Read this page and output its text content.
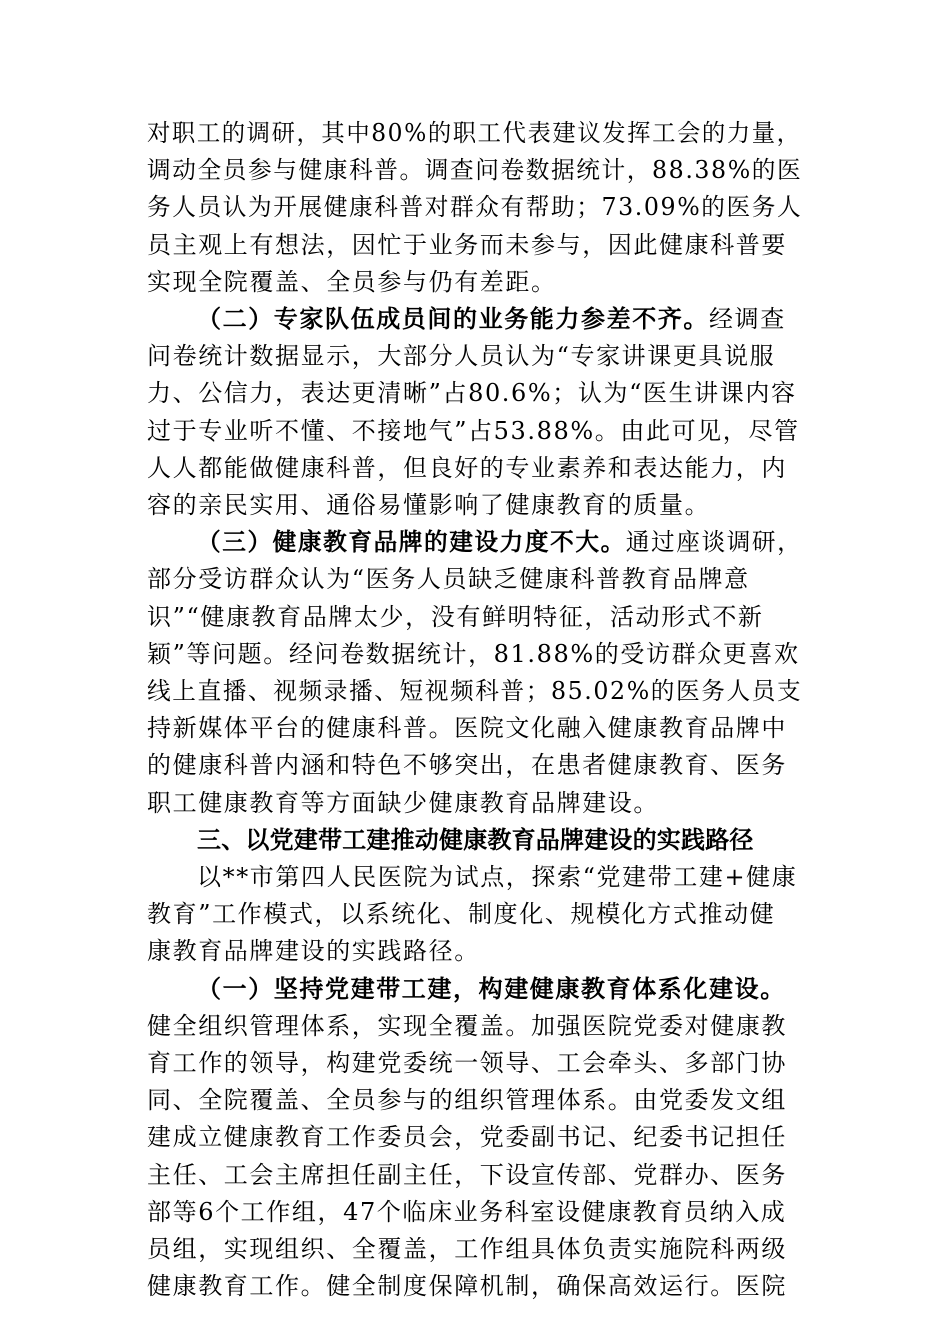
对职工的调研，其中80%的职工代表建议发挥工会的力量，
调动全员参与健康科普。调查问卷数据统计，88.38%的医
务人员认为开展健康科普对群众有帮助；73.09%的医务人
员主观上有想法，因忙于业务而未参与，因此健康科普要
实现全院覆盖、全员参与仍有差距。
（二）专家队伍成员间的业务能力参差不齐。经调查
问卷统计数据显示，大部分人员认为“专家讲课更具说服
力、公信力，表达更清晰”占80.6%；认为“医生讲课内容
过于专业听不懂、不接地气”占53.88%。由此可见，尽管
人人都能做健康科普，但良好的专业素养和表达能力，内
容的亲民实用、通俗易懂影响了健康教育的质量。
（三）健康教育品牌的建设力度不大。通过座谈调研，
部分受访群众认为“医务人员缺乏健康科普教育品牌意
识”“健康教育品牌太少，没有鲜明特征，活动形式不新
颖”等问题。经问卷数据统计，81.88%的受访群众更喜欢
线上直播、视频录播、短视频科普；85.02%的医务人员支
持新媒体平台的健康科普。医院文化融入健康教育品牌中
的健康科普内涵和特色不够突出，在患者健康教育、医务
职工健康教育等方面缺少健康教育品牌建设。
三、以党建带工建推动健康教育品牌建设的实践路径
以**市第四人民医院为试点，探索“党建带工建+健康
教育”工作模式，以系统化、制度化、规模化方式推动健
康教育品牌建设的实践路径。
（一）坚持党建带工建，构建健康教育体系化建设。
健全组织管理体系，实现全覆盖。加强医院党委对健康教
育工作的领导，构建党委统一领导、工会牵头、多部门协
同、全院覆盖、全员参与的组织管理体系。由党委发文组
建成立健康教育工作委员会，党委副书记、纪委书记担任
主任、工会主席担任副主任，下设宣传部、党群办、医务
部等6个工作组，47个临床业务科室设健康教育员纳入成
员组，实现组织、全覆盖，工作组具体负责实施院科两级
健康教育工作。健全制度保障机制，确保高效运行。医院
